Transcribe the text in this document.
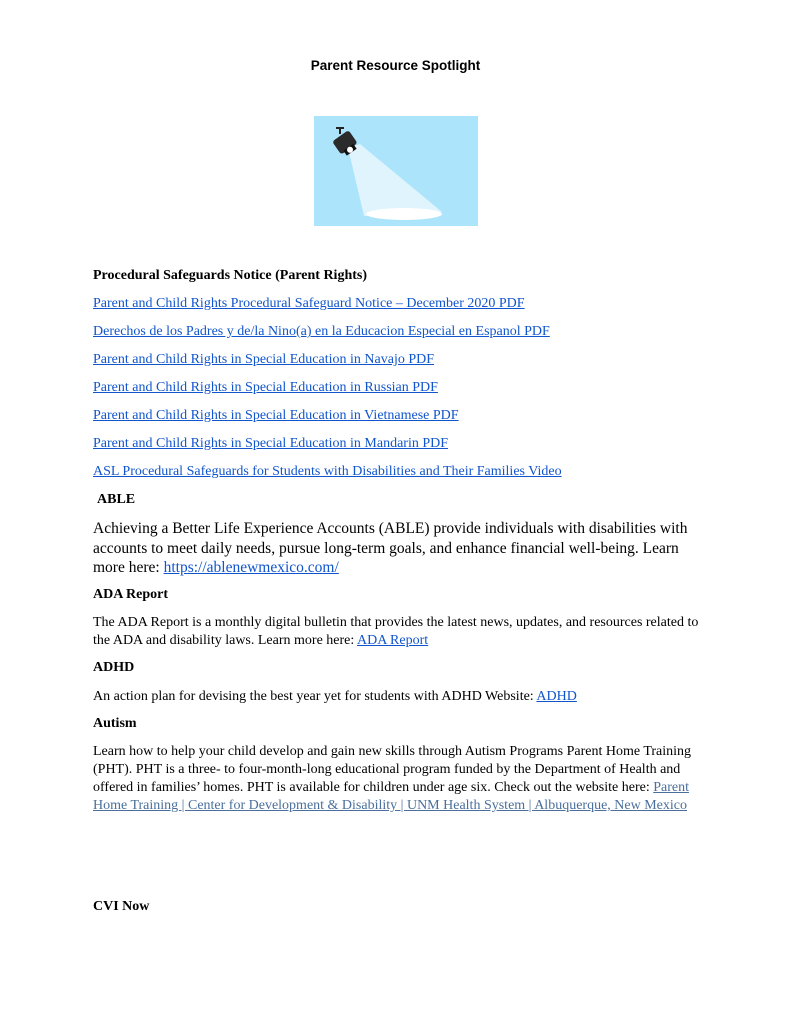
Parent Resource Spotlight
Procedural Safeguards Notice (Parent Rights)
Parent and Child Rights Procedural Safeguard Notice – December 2020 PDF
Derechos de los Padres y de/la Nino(a) en la Educacion Especial en Espanol PDF
Parent and Child Rights in Special Education in Navajo PDF
Parent and Child Rights in Special Education in Russian PDF
Parent and Child Rights in Special Education in Vietnamese PDF
Parent and Child Rights in Special Education in Mandarin PDF
ASL Procedural Safeguards for Students with Disabilities and Their Families Video
ABLE
Achieving a Better Life Experience Accounts (ABLE) provide individuals with disabilities with accounts to meet daily needs, pursue long-term goals, and enhance financial well-being. Learn more here: https://ablenewmexico.com/
ADA Report
The ADA Report is a monthly digital bulletin that provides the latest news, updates, and resources related to the ADA and disability laws. Learn more here: ADA Report
ADHD
An action plan for devising the best year yet for students with ADHD Website: ADHD
Autism
Learn how to help your child develop and gain new skills through Autism Programs Parent Home Training (PHT). PHT is a three- to four-month-long educational program funded by the Department of Health and offered in families’ homes. PHT is available for children under age six. Check out the website here: Parent Home Training | Center for Development & Disability | UNM Health System | Albuquerque, New Mexico
CVI Now
